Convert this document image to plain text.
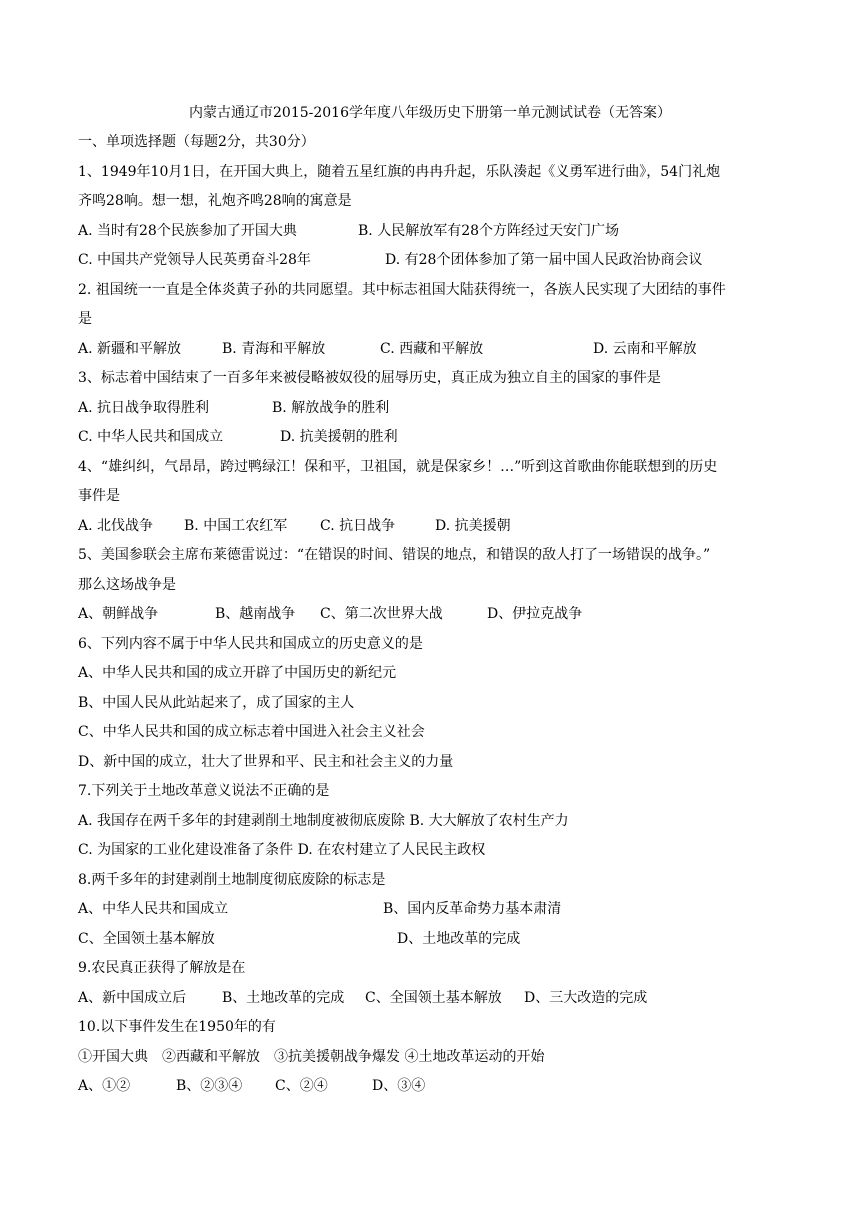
内蒙古通辽市2015-2016学年度八年级历史下册第一单元测试试卷（无答案）
一、单项选择题（每题2分，共30分）
1、1949年10月1日，在开国大典上，随着五星红旗的冉冉升起，乐队湊起《义勇军进行曲》，54门礼炮
齐鸣28响。想一想，礼炮齐鸣28响的寓意是
A. 当时有28个民族参加了开国大典	B. 人民解放军有28个方阵经过天安门广场
C. 中国共产党领导人民英勇奋斗28年	D. 有28个团体参加了第一届中国人民政治协商会议
2. 祖国统一一直是全体炎黄子孙的共同愿望。其中标志祖国大陆获得统一，各族人民实现了大团结的事件
是
A. 新疆和平解放	B. 青海和平解放	C. 西藏和平解放	D. 云南和平解放
3、标志着中国结束了一百多年来被侵略被奴役的屈辱历史，真正成为独立自主的国家的事件是
A. 抗日战争取得胜利	B. 解放战争的胜利
C. 中华人民共和国成立	D. 抗美援朝的胜利
4、“雄纠纠，气昂昂，跨过鸭绿江！保和平，卫祖国，就是保家乡！…”听到这首歌曲你能联想到的历史
事件是
A. 北伐战争 B. 中国工农红军 C. 抗日战争	D. 抗美援朝
5、美国参联会主席布莱德雷说过：“在错误的时间、错误的地点，和错误的敌人打了一场错误的战争。”
那么这场战争是
A、朝鲜战争	B、越南战争 C、第二次世界大战	D、伊拉克战争
6、下列内容不属于中华人民共和国成立的历史意义的是
A、中华人民共和国的成立开辟了中国历史的新纪元
B、中国人民从此站起来了，成了国家的主人
C、中华人民共和国的成立标志着中国进入社会主义社会
D、新中国的成立，壮大了世界和平、民主和社会主义的力量
7.下列关于土地改革意义说法不正确的是
A. 我国存在两千多年的封建剥削土地制度被彻底废除 B. 大大解放了农村生产力
C. 为国家的工业化建设准备了条件 D. 在农村建立了人民民主政权
8.两千多年的封建剥削土地制度彻底废除的标志是
A、中华人民共和国成立	B、国内反革命势力基本肃清
C、全国领土基本解放	D、土地改革的完成
9.农民真正获得了解放是在
A、新中国成立后	B、土地改革的完成 C、全国领土基本解放 D、三大改造的完成
10.以下事件发生在1950年的有
①开国大典　②西藏和平解放　③抗美援朝战争爆发 ④土地改革运动的开始
A、①②	B、②③④ C、②④	D、③④
